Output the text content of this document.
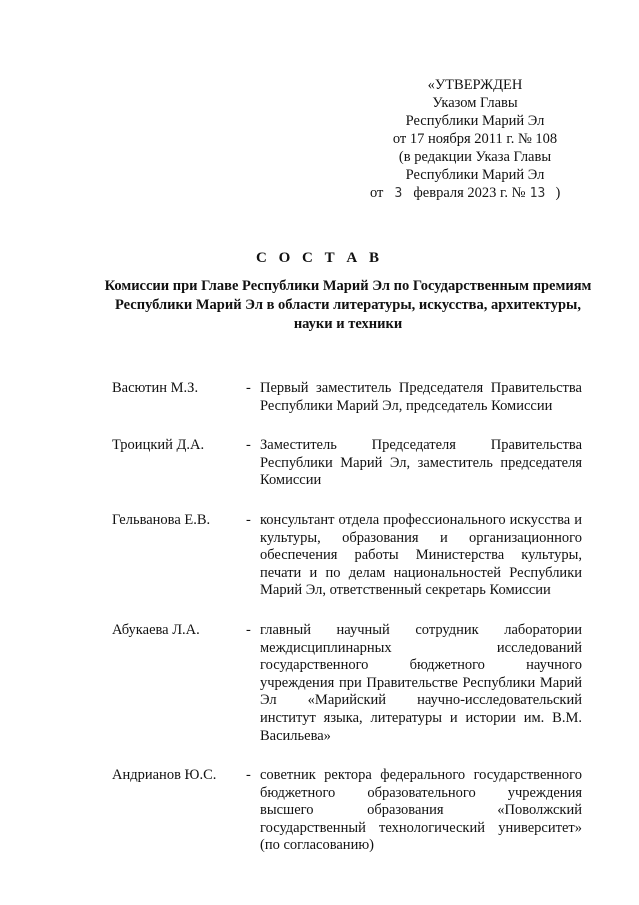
«УТВЕРЖДЕН
Указом Главы
Республики Марий Эл
от 17 ноября 2011 г. № 108
(в редакции Указа Главы
Республики Марий Эл
от 3 февраля 2023 г. № 13 )
С О С Т А В
Комиссии при Главе Республики Марий Эл по Государственным премиям Республики Марий Эл в области литературы, искусства, архитектуры, науки и техники
Васютин М.З.	- Первый заместитель Председателя Правительства Республики Марий Эл, председатель Комиссии
Троицкий Д.А.	- Заместитель Председателя Правительства Республики Марий Эл, заместитель председателя Комиссии
Гельванова Е.В.	- консультант отдела профессионального искусства и культуры, образования и организационного обеспечения работы Министерства культуры, печати и по делам национальностей Республики Марий Эл, ответственный секретарь Комиссии
Абукаева Л.А.	- главный научный сотрудник лаборатории междисциплинарных исследований государственного бюджетного научного учреждения при Правительстве Республики Марий Эл «Марийский научно-исследовательский институт языка, литературы и истории им. В.М. Васильева»
Андрианов Ю.С.	- советник ректора федерального государственного бюджетного образовательного учреждения высшего образования «Поволжский государственный технологический университет» (по согласованию)
